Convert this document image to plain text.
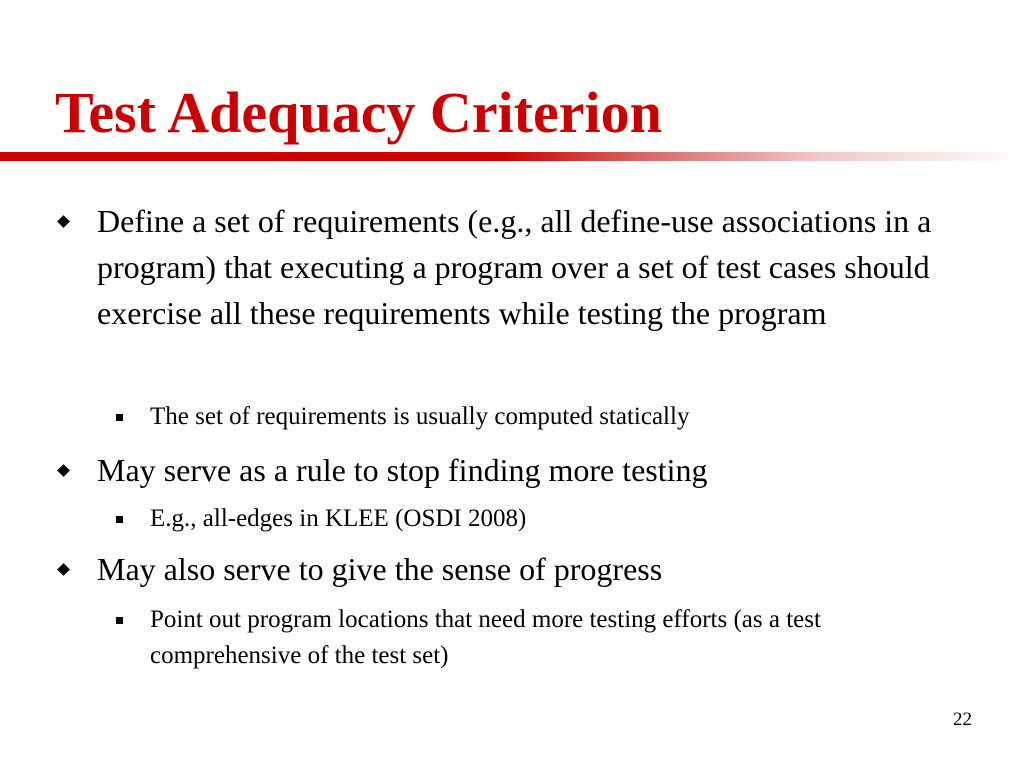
Test Adequacy Criterion
Define a set of requirements (e.g., all define-use associations in a program) that executing a program over a set of test cases should exercise all these requirements while testing the program
The set of requirements is usually computed statically
May serve as a rule to stop finding more testing
E.g., all-edges in KLEE (OSDI 2008)
May also serve to give the sense of progress
Point out program locations that need more testing efforts (as a test comprehensive of the test set)
22
